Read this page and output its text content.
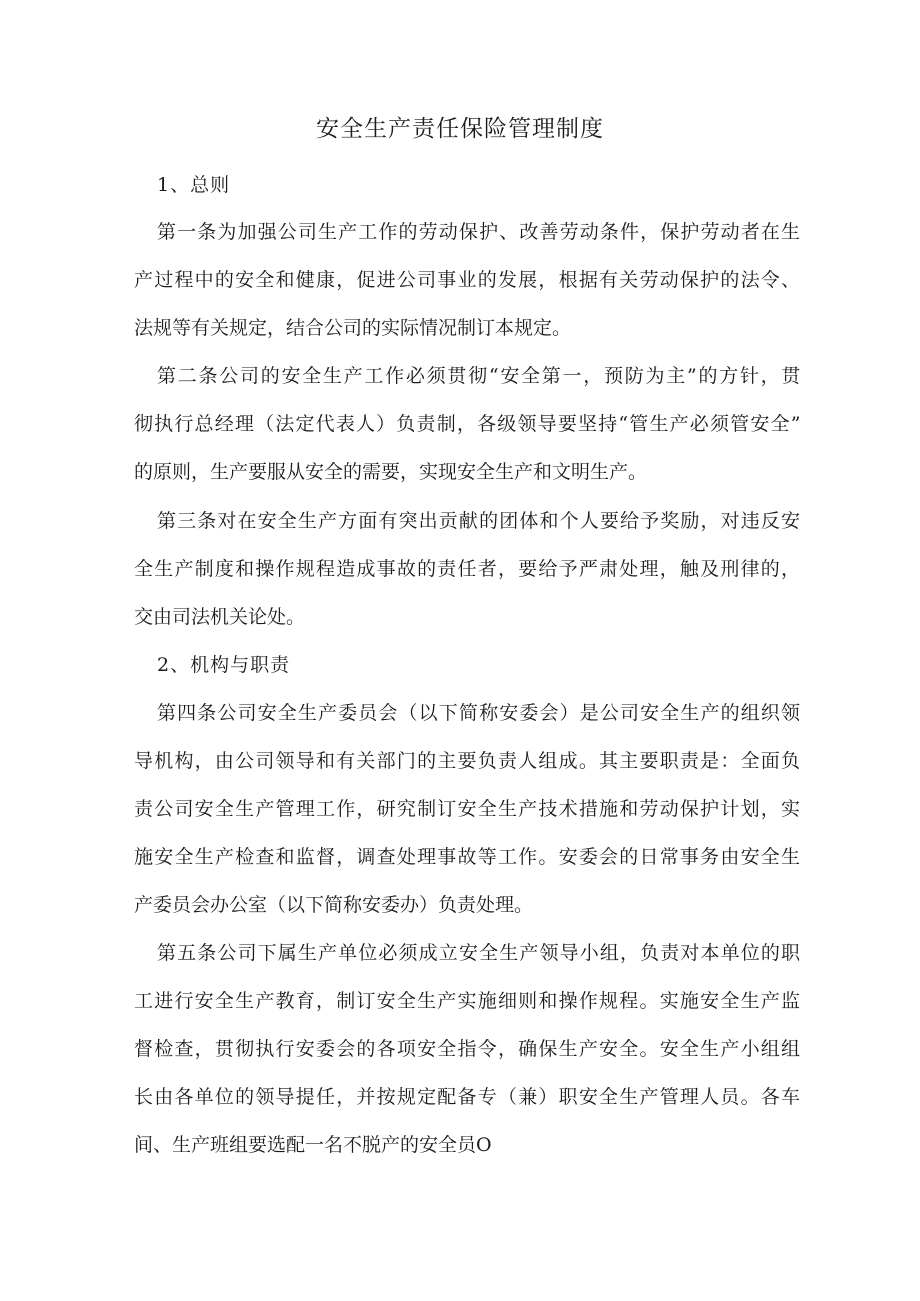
安全生产责任保险管理制度
1、总则
第一条为加强公司生产工作的劳动保护、改善劳动条件，保护劳动者在生
产过程中的安全和健康，促进公司事业的发展，根据有关劳动保护的法令、
法规等有关规定，结合公司的实际情况制订本规定。
第二条公司的安全生产工作必须贯彻“安全第一，预防为主”的方针，贯
彻执行总经理（法定代表人）负责制，各级领导要坚持“管生产必须管安全”
的原则，生产要服从安全的需要，实现安全生产和文明生产。
第三条对在安全生产方面有突出贡献的团体和个人要给予奖励，对违反安
全生产制度和操作规程造成事故的责任者，要给予严肃处理，触及刑律的，
交由司法机关论处。
2、机构与职责
第四条公司安全生产委员会（以下简称安委会）是公司安全生产的组织领
导机构，由公司领导和有关部门的主要负责人组成。其主要职责是：全面负
责公司安全生产管理工作，研究制订安全生产技术措施和劳动保护计划，实
施安全生产检查和监督，调查处理事故等工作。安委会的日常事务由安全生
产委员会办公室（以下简称安委办）负责处理。
第五条公司下属生产单位必须成立安全生产领导小组，负责对本单位的职
工进行安全生产教育，制订安全生产实施细则和操作规程。实施安全生产监
督检查，贯彻执行安委会的各项安全指令，确保生产安全。安全生产小组组
长由各单位的领导提任，并按规定配备专（兼）职安全生产管理人员。各车
间、生产班组要选配一名不脱产的安全员O
